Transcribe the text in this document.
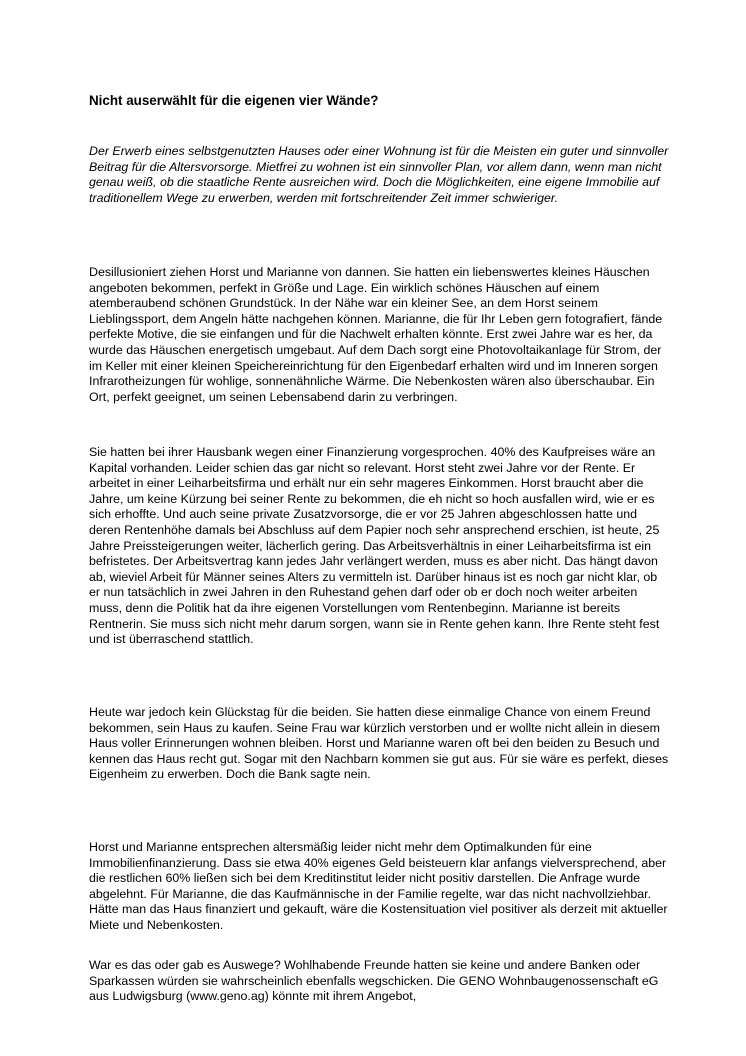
Nicht auserwählt für die eigenen vier Wände?

Der Erwerb eines selbstgenutzten Hauses oder einer Wohnung ist für die Meisten ein guter und sinnvoller Beitrag für die Altersvorsorge. Mietfrei zu wohnen ist ein sinnvoller Plan, vor allem dann, wenn man nicht genau weiß, ob die staatliche Rente ausreichen wird. Doch die Möglichkeiten, eine eigene Immobilie auf traditionellem Wege zu erwerben, werden mit fortschreitender Zeit immer schwieriger.

Desillusioniert ziehen Horst und Marianne von dannen. Sie hatten ein liebenswertes kleines Häuschen angeboten bekommen, perfekt in Größe und Lage. Ein wirklich schönes Häuschen auf einem atemberaubend schönen Grundstück. In der Nähe war ein kleiner See, an dem Horst seinem Lieblingssport, dem Angeln hätte nachgehen können. Marianne, die für Ihr Leben gern fotografiert, fände perfekte Motive, die sie einfangen und für die Nachwelt erhalten könnte. Erst zwei Jahre war es her, da wurde das Häuschen energetisch umgebaut. Auf dem Dach sorgt eine Photovoltaikanlage für Strom, der im Keller mit einer kleinen Speichereinrichtung für den Eigenbedarf erhalten wird und im Inneren sorgen Infrarotheizungen für wohlige, sonnenähnliche Wärme. Die Nebenkosten wären also überschaubar. Ein Ort, perfekt geeignet, um seinen Lebensabend darin zu verbringen.

Sie hatten bei ihrer Hausbank wegen einer Finanzierung vorgesprochen. 40% des Kaufpreises wäre an Kapital vorhanden. Leider schien das gar nicht so relevant. Horst steht zwei Jahre vor der Rente. Er arbeitet in einer Leiharbeitsfirma und erhält nur ein sehr mageres Einkommen. Horst braucht aber die Jahre, um keine Kürzung bei seiner Rente zu bekommen, die eh nicht so hoch ausfallen wird, wie er es sich erhoffte. Und auch seine private Zusatzvorsorge, die er vor 25 Jahren abgeschlossen hatte und deren Rentenhöhe damals bei Abschluss auf dem Papier noch sehr ansprechend erschien, ist heute, 25 Jahre Preissteigerungen weiter, lächerlich gering. Das Arbeitsverhältnis in einer Leiharbeitsfirma ist ein befristetes. Der Arbeitsvertrag kann jedes Jahr verlängert werden, muss es aber nicht. Das hängt davon ab, wieviel Arbeit für Männer seines Alters zu vermitteln ist. Darüber hinaus ist es noch gar nicht klar, ob er nun tatsächlich in zwei Jahren in den Ruhestand gehen darf oder ob er doch noch weiter arbeiten muss, denn die Politik hat da ihre eigenen Vorstellungen vom Rentenbeginn. Marianne ist bereits Rentnerin. Sie muss sich nicht mehr darum sorgen, wann sie in Rente gehen kann. Ihre Rente steht fest und ist überraschend stattlich.

Heute war jedoch kein Glückstag für die beiden. Sie hatten diese einmalige Chance von einem Freund bekommen, sein Haus zu kaufen. Seine Frau war kürzlich verstorben und er wollte nicht allein in diesem Haus voller Erinnerungen wohnen bleiben. Horst und Marianne waren oft bei den beiden zu Besuch und kennen das Haus recht gut. Sogar mit den Nachbarn kommen sie gut aus. Für sie wäre es perfekt, dieses Eigenheim zu erwerben. Doch die Bank sagte nein.

Horst und Marianne entsprechen altersmäßig leider nicht mehr dem Optimalkunden für eine Immobilienfinanzierung. Dass sie etwa 40% eigenes Geld beisteuern klar anfangs vielversprechend, aber die restlichen 60% ließen sich bei dem Kreditinstitut leider nicht positiv darstellen. Die Anfrage wurde abgelehnt. Für Marianne, die das Kaufmännische in der Familie regelte, war das nicht nachvollziehbar. Hätte man das Haus finanziert und gekauft, wäre die Kostensituation viel positiver als derzeit mit aktueller Miete und Nebenkosten.

War es das oder gab es Auswege? Wohlhabende Freunde hatten sie keine und andere Banken oder Sparkassen würden sie wahrscheinlich ebenfalls wegschicken. Die GENO Wohnbaugenossenschaft eG aus Ludwigsburg (www.geno.ag) könnte mit ihrem Angebot,
